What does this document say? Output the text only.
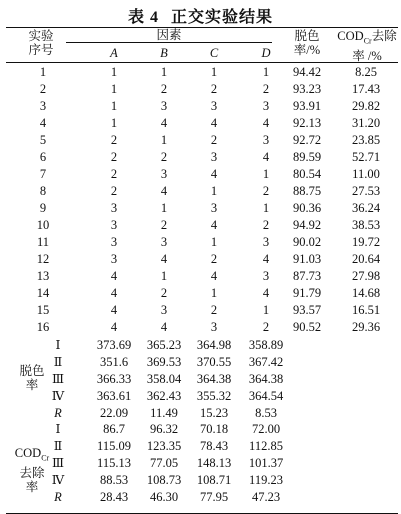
表 4 正交实验结果
实验
序号
因素
A	B	C	D
脱色
率/%
$COD_{Cr}$去除
率 /%
1	1	1	1	1	94.42	8.25
2	1	2	2	2	93.23	17.43
3	1	3	3	3	93.91	29.82
4	1	4	4	4	92.13	31.20
5	2	1	2	3	92.72	23.85
6	2	2	3	4	89.59	52.71
7	2	3	4	1	80.54	11.00
8	2	4	1	2	88.75	27.53
9	3	1	3	1	90.36	36.24
10	3	2	4	2	94.92	38.53
11	3	3	1	3	90.02	19.72
12	3	4	2	4	91.03	20.64
13	4	1	4	3	87.73	27.98
14	4	2	1	4	91.79	14.68
15	4	3	2	1	93.57	16.51
16	4	4	3	2	90.52	29.36
脱色
率
$COD_{Cr}$
去除
率
Ⅰ	373.69	365.23	364.98	358.89
Ⅱ	351.6	369.53	370.55	367.42
Ⅲ	366.33	358.04	364.38	364.38
Ⅳ	363.61	362.43	355.32	364.54
R	22.09	11.49	15.23	8.53
Ⅰ	86.7	96.32	70.18	72.00
Ⅱ	115.09	123.35	78.43	112.85
Ⅲ	115.13	77.05	148.13	101.37
Ⅳ	88.53	108.73	108.71	119.23
R	28.43	46.30	77.95	47.23
